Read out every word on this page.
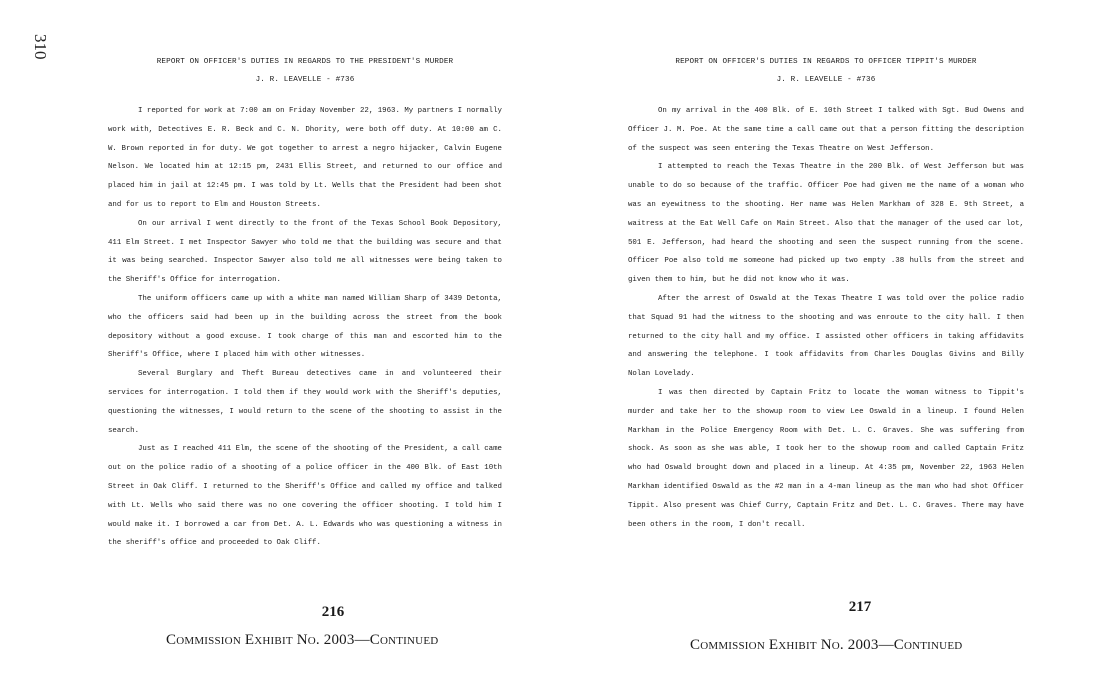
310
REPORT ON OFFICER'S DUTIES IN REGARDS TO THE PRESIDENT'S MURDER
J. R. LEAVELLE - #736

I reported for work at 7:00 am on Friday November 22, 1963. My partners I normally work with, Detectives E. R. Beck and C. N. Dhority, were both off duty. At 10:00 am C. W. Brown reported in for duty. We got together to arrest a negro hijacker, Calvin Eugene Nelson. We located him at 12:15 pm, 2431 Ellis Street, and returned to our office and placed him in jail at 12:45 pm. I was told by Lt. Wells that the President had been shot and for us to report to Elm and Houston Streets.

On our arrival I went directly to the front of the Texas School Book Depository, 411 Elm Street. I met Inspector Sawyer who told me that the building was secure and that it was being searched. Inspector Sawyer also told me all witnesses were being taken to the Sheriff's Office for interrogation.

The uniform officers came up with a white man named William Sharp of 3439 Detonta, who the officers said had been up in the building across the street from the book depository without a good excuse. I took charge of this man and escorted him to the Sheriff's Office, where I placed him with other witnesses.

Several Burglary and Theft Bureau detectives came in and volunteered their services for interrogation. I told them if they would work with the Sheriff's deputies, questioning the witnesses, I would return to the scene of the shooting to assist in the search.

Just as I reached 411 Elm, the scene of the shooting of the President, a call came out on the police radio of a shooting of a police officer in the 400 Blk. of East 10th Street in Oak Cliff. I returned to the Sheriff's Office and called my office and talked with Lt. Wells who said there was no one covering the officer shooting. I told him I would make it. I borrowed a car from Det. A. L. Edwards who was questioning a witness in the sheriff's office and proceeded to Oak Cliff.

REPORT ON OFFICER'S DUTIES IN REGARDS TO OFFICER TIPPIT'S MURDER
J. R. LEAVELLE - #736

On my arrival in the 400 Blk. of E. 10th Street I talked with Sgt. Bud Owens and Officer J. M. Poe. At the same time a call came out that a person fitting the description of the suspect was seen entering the Texas Theatre on West Jefferson.

I attempted to reach the Texas Theatre in the 200 Blk. of West Jefferson but was unable to do so because of the traffic. Officer Poe had given me the name of a woman who was an eyewitness to the shooting. Her name was Helen Markham of 328 E. 9th Street, a waitress at the Eat Well Cafe on Main Street. Also that the manager of the used car lot, 501 E. Jefferson, had heard the shooting and seen the suspect running from the scene. Officer Poe also told me someone had picked up two empty .38 hulls from the street and given them to him, but he did not know who it was.

After the arrest of Oswald at the Texas Theatre I was told over the police radio that Squad 91 had the witness to the shooting and was enroute to the city hall. I then returned to the city hall and my office. I assisted other officers in taking affidavits and answering the telephone. I took affidavits from Charles Douglas Givins and Billy Nolan Lovelady.

I was then directed by Captain Fritz to locate the woman witness to Tippit's murder and take her to the showup room to view Lee Oswald in a lineup. I found Helen Markham in the Police Emergency Room with Det. L. C. Graves. She was suffering from shock. As soon as she was able, I took her to the showup room and called Captain Fritz who had Oswald brought down and placed in a lineup. At 4:35 pm, November 22, 1963 Helen Markham identified Oswald as the #2 man in a 4-man lineup as the man who had shot Officer Tippit. Also present was Chief Curry, Captain Fritz and Det. L. C. Graves. There may have been others in the room, I don't recall.

216	217
Commission Exhibit No. 2003—Continued	Commission Exhibit No. 2003—Continued
